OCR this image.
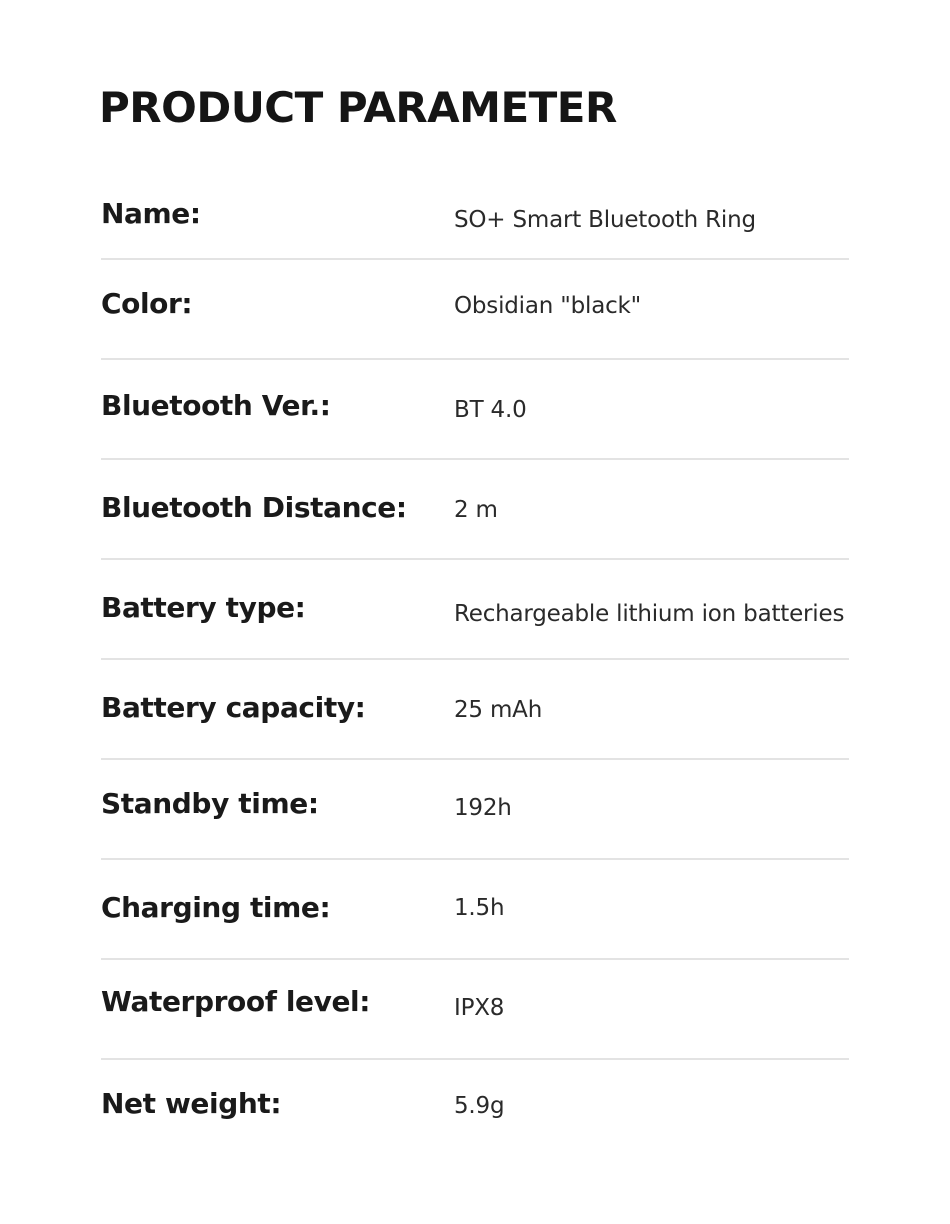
PRODUCT PARAMETER
Name:	SO+ Smart Bluetooth Ring
Color:	Obsidian "black"
Bluetooth Ver.:	BT 4.0
Bluetooth Distance: 2 m
Battery type:	Rechargeable lithium ion batteries
Battery capacity:	25 mAh
Standby time:	192h
Charging time:	1.5h
Waterproof level:	IPX8
Net weight:	5.9g
